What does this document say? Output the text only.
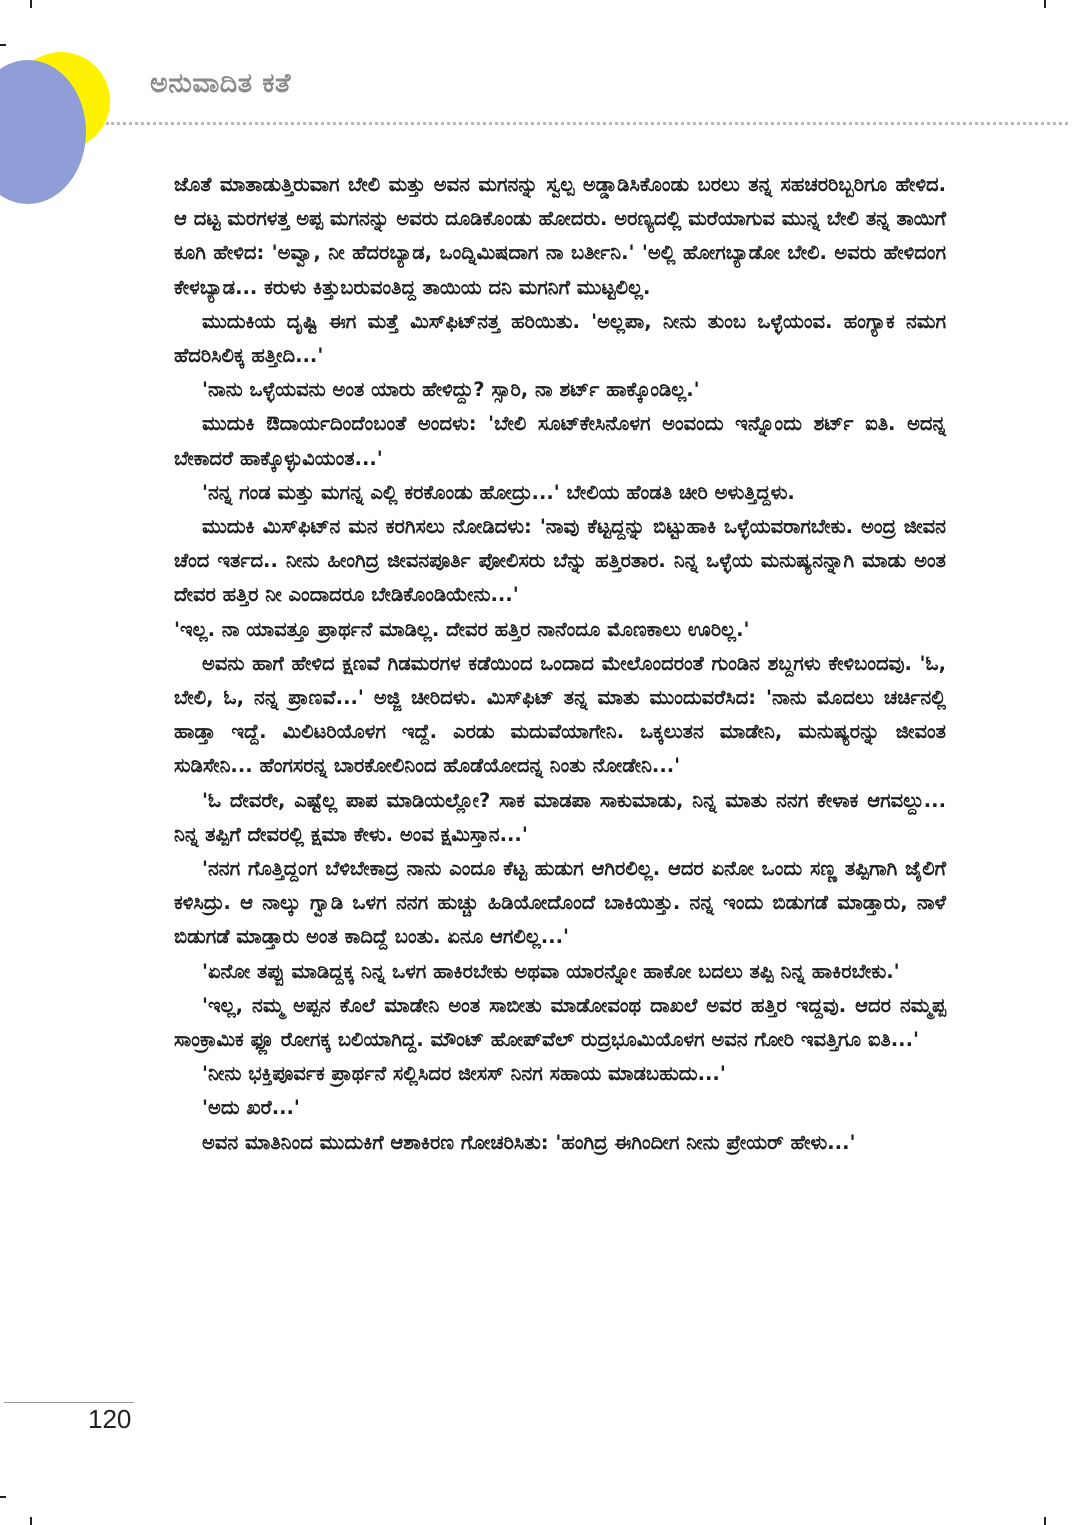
ಅನುವಾದಿತ ಕತೆ

ಜೊತೆ ಮಾತಾಡುತ್ತಿರುವಾಗ ಬೇಲಿ ಮತ್ತು ಅವನ ಮಗನನ್ನು ಸ್ವಲ್ಪ ಅಡ್ಡಾಡಿಸಿಕೊಂಡು ಬರಲು ತನ್ನ ಸಹಚರರಿಬ್ಬರಿಗೂ ಹೇಳಿದ. ಆ ದಟ್ಟ ಮರಗಳತ್ತ ಅಪ್ಪ ಮಗನನ್ನು ಅವರು ದೂಡಿಕೊಂಡು ಹೋದರು. ಅರಣ್ಯದಲ್ಲಿ ಮರೆಯಾಗುವ ಮುನ್ನ ಬೇಲಿ ತನ್ನ ತಾಯಿಗೆ ಕೂಗಿ ಹೇಳಿದ: 'ಅವ್ವಾ, ನೀ ಹೆದರಬ್ಯಾಡ, ಒಂದ್ನಿಮಿಷದಾಗ ನಾ ಬರ್ತೀನಿ.' 'ಅಲ್ಲಿ ಹೋಗಬ್ಯಾಡೋ ಬೇಲಿ. ಅವರು ಹೇಳಿದಂಗ ಕೇಳಬ್ಯಾಡ... ಕರುಳು ಕಿತ್ತುಬರುವಂತಿದ್ದ ತಾಯಿಯ ದನಿ ಮಗನಿಗೆ ಮುಟ್ಟಲಿಲ್ಲ.

ಮುದುಕಿಯ ದೃಷ್ಟಿ ಈಗ ಮತ್ತೆ ಮಿಸ್‌ಫಿಟ್‌ನತ್ತ ಹರಿಯಿತು. 'ಅಲ್ಲಪಾ, ನೀನು ತುಂಬ ಒಳ್ಳೆಯಂವ. ಹಂಗ್ಯಾಕ ನಮಗ ಹೆದರಿಸಿಲಿಕ್ಕ ಹತ್ತೀದಿ...'

'ನಾನು ಒಳ್ಳೆಯವನು ಅಂತ ಯಾರು ಹೇಳಿದ್ದು? ಸ್ಸಾರಿ, ನಾ ಶರ್ಟ್ ಹಾಕ್ಕೊಂಡಿಲ್ಲ.'

ಮುದುಕಿ ಔದಾರ್ಯದಿಂದೆಂಬಂತೆ ಅಂದಳು: 'ಬೇಲಿ ಸೂಟ್‌ಕೇಸಿನೊಳಗ ಅಂವಂದು ಇನ್ನೊಂದು ಶರ್ಟ್ ಐತಿ. ಅದನ್ನ ಬೇಕಾದರೆ ಹಾಕ್ಕೊಳ್ಳುವಿಯಂತ...'

'ನನ್ನ ಗಂಡ ಮತ್ತು ಮಗನ್ನ ಎಲ್ಲಿ ಕರಕೊಂಡು ಹೋದ್ರು...' ಬೇಲಿಯ ಹೆಂಡತಿ ಚೀರಿ ಅಳುತ್ತಿದ್ದಳು.

ಮುದುಕಿ ಮಿಸ್‌ಫಿಟ್‌ನ ಮನ ಕರಗಿಸಲು ನೋಡಿದಳು: 'ನಾವು ಕೆಟ್ಟದ್ದನ್ನು ಬಿಟ್ಟುಹಾಕಿ ಒಳ್ಳೆಯವರಾಗಬೇಕು. ಅಂದ್ರ ಜೀವನ ಚೆಂದ ಇರ್ತದ.. ನೀನು ಹೀಂಗಿದ್ರ ಜೀವನಪೂರ್ತಿ ಪೋಲಿಸರು ಬೆನ್ನು ಹತ್ತಿರತಾರ. ನಿನ್ನ ಒಳ್ಳೆಯ ಮನುಷ್ಯನನ್ನಾಗಿ ಮಾಡು ಅಂತ ದೇವರ ಹತ್ತಿರ ನೀ ಎಂದಾದರೂ ಬೇಡಿಕೊಂಡಿಯೇನು...'

'ಇಲ್ಲ. ನಾ ಯಾವತ್ತೂ ಪ್ರಾರ್ಥನೆ ಮಾಡಿಲ್ಲ. ದೇವರ ಹತ್ತಿರ ನಾನೆಂದೂ ಮೊಣಕಾಲು ಊರಿಲ್ಲ.'

ಅವನು ಹಾಗೆ ಹೇಳಿದ ಕ್ಷಣವೆ ಗಿಡಮರಗಳ ಕಡೆಯಿಂದ ಒಂದಾದ ಮೇಲೊಂದರಂತೆ ಗುಂಡಿನ ಶಬ್ದಗಳು ಕೇಳಿಬಂದವು. 'ಓ, ಬೇಲಿ, ಓ, ನನ್ನ ಪ್ರಾಣವೆ...' ಅಜ್ಜಿ ಚೀರಿದಳು. ಮಿಸ್‌ಫಿಟ್ ತನ್ನ ಮಾತು ಮುಂದುವರೆಸಿದ: 'ನಾನು ಮೊದಲು ಚರ್ಚಿನಲ್ಲಿ ಹಾಡ್ತಾ ಇದ್ದೆ. ಮಿಲಿಟರಿಯೊಳಗ ಇದ್ದೆ. ಎರಡು ಮದುವೆಯಾಗೇನಿ. ಒಕ್ಕಲುತನ ಮಾಡೇನಿ, ಮನುಷ್ಯರನ್ನು ಜೀವಂತ ಸುಡಿಸೇನಿ... ಹೆಂಗಸರನ್ನ ಬಾರಕೋಲಿನಿಂದ ಹೊಡೆಯೋದನ್ನ ನಿಂತು ನೋಡೇನಿ...'

'ಓ ದೇವರೇ, ಎಷ್ಟೆಲ್ಲ ಪಾಪ ಮಾಡಿಯಲ್ಲೋ? ಸಾಕ ಮಾಡಪಾ ಸಾಕುಮಾಡು, ನಿನ್ನ ಮಾತು ನನಗ ಕೇಳಾಕ ಆಗವಲ್ದು... ನಿನ್ನ ತಪ್ಪಿಗೆ ದೇವರಲ್ಲಿ ಕ್ಷಮಾ ಕೇಳು. ಅಂವ ಕ್ಷಮಿಸ್ತಾನ...'

'ನನಗ ಗೊತ್ತಿದ್ದಂಗ ಬೆಳಿಬೇಕಾದ್ರ ನಾನು ಎಂದೂ ಕೆಟ್ಟ ಹುಡುಗ ಆಗಿರಲಿಲ್ಲ. ಆದರ ಏನೋ ಒಂದು ಸಣ್ಣ ತಪ್ಪಿಗಾಗಿ ಜೈಲಿಗೆ ಕಳಿಸಿದ್ರು. ಆ ನಾಲ್ಕು ಗ್ವಾಡಿ ಒಳಗ ನನಗ ಹುಚ್ಚು ಹಿಡಿಯೋದೊಂದೆ ಬಾಕಿಯಿತ್ತು. ನನ್ನ ಇಂದು ಬಿಡುಗಡೆ ಮಾಡ್ತಾರು, ನಾಳೆ ಬಿಡುಗಡೆ ಮಾಡ್ತಾರು ಅಂತ ಕಾದಿದ್ದೆ ಬಂತು. ಏನೂ ಆಗಲಿಲ್ಲ...'

'ಏನೋ ತಪ್ಪು ಮಾಡಿದ್ದಕ್ಕ ನಿನ್ನ ಒಳಗ ಹಾಕಿರಬೇಕು ಅಥವಾ ಯಾರನ್ನೋ ಹಾಕೋ ಬದಲು ತಪ್ಪಿ ನಿನ್ನ ಹಾಕಿರಬೇಕು.'

'ಇಲ್ಲ, ನಮ್ಮ ಅಪ್ಪನ ಕೊಲೆ ಮಾಡೇನಿ ಅಂತ ಸಾಬೀತು ಮಾಡೋವಂಥ ದಾಖಲೆ ಅವರ ಹತ್ತಿರ ಇದ್ದವು. ಆದರ ನಮ್ಮಪ್ಪ ಸಾಂಕ್ರಾಮಿಕ ಫ್ಲೂ ರೋಗಕ್ಕ ಬಲಿಯಾಗಿದ್ದ. ಮೌಂಟ್ ಹೋಪ್‌ವೆಲ್ ರುದ್ರಭೂಮಿಯೊಳಗ ಅವನ ಗೋರಿ ಇವತ್ತಿಗೂ ಐತಿ...'

'ನೀನು ಭಕ್ತಿಪೂರ್ವಕ ಪ್ರಾರ್ಥನೆ ಸಲ್ಲಿಸಿದರ ಜೀಸಸ್ ನಿನಗ ಸಹಾಯ ಮಾಡಬಹುದು...'

'ಅದು ಖರೆ...'

ಅವನ ಮಾತಿನಿಂದ ಮುದುಕಿಗೆ ಆಶಾಕಿರಣ ಗೋಚರಿಸಿತು: 'ಹಂಗಿದ್ರ ಈಗಿಂದೀಗ ನೀನು ಪ್ರೇಯರ್ ಹೇಳು...'

120
